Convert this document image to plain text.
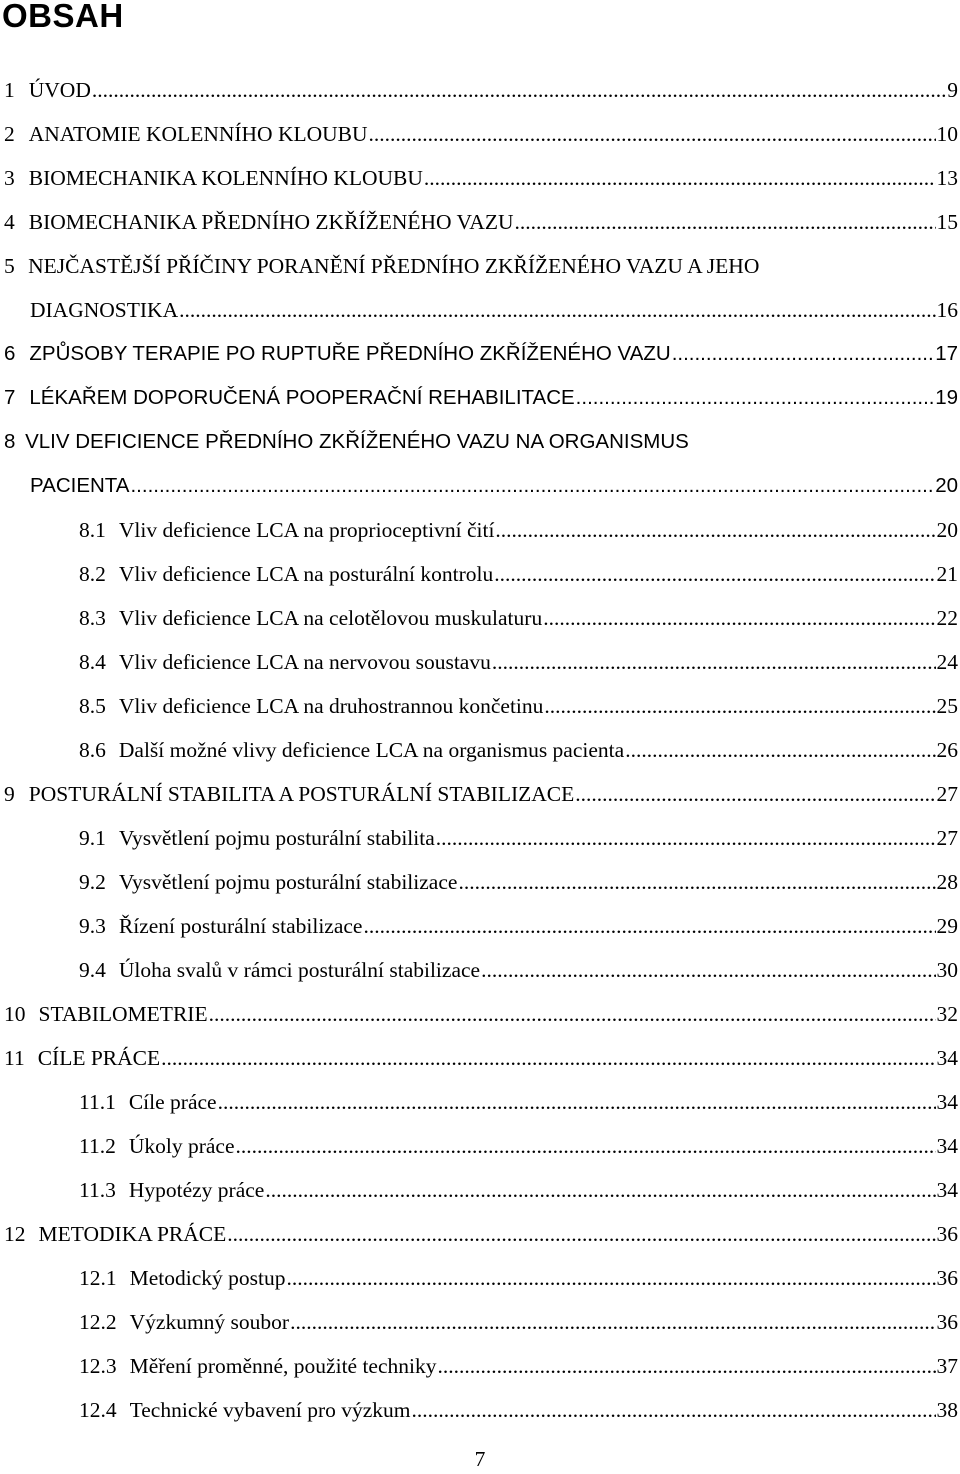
OBSAH
1 ÚVOD .....	9
2 ANATOMIE KOLENNÍHO KLOUBU .....	10
3 BIOMECHANIKA KOLENNÍHO KLOUBU .....	13
4 BIOMECHANIKA PŘEDNÍHO ZKŘÍŽENÉHO VAZU .....	15
5 NEJČASTĚJŠÍ PŘÍČINY PORANĚNÍ PŘEDNÍHO ZKŘÍŽENÉHO VAZU A JEHO
DIAGNOSTIKA .....	16
6 ZPŮSOBY TERAPIE PO RUPTUŘE PŘEDNÍHO ZKŘÍŽENÉHO VAZU .....	17
7 LÉKAŘEM DOPORUČENÁ POOPERAČNÍ REHABILITACE .....	19
8 VLIV DEFICIENCE PŘEDNÍHO ZKŘÍŽENÉHO VAZU NA ORGANISMUS
PACIENTA .....	20
8.1 Vliv deficience LCA na proprioceptivní čití .....	20
8.2 Vliv deficience LCA na posturální kontrolu .....	21
8.3 Vliv deficience LCA na celotělovou muskulaturu .....	22
8.4 Vliv deficience LCA na nervovou soustavu .....	24
8.5 Vliv deficience LCA na druhostrannou končetinu .....	25
8.6 Další možné vlivy deficience LCA na organismus pacienta .....	26
9 POSTURÁLNÍ STABILITA A POSTURÁLNÍ STABILIZACE .....	27
9.1 Vysvětlení pojmu posturální stabilita .....	27
9.2 Vysvětlení pojmu posturální stabilizace .....	28
9.3 Řízení posturální stabilizace .....	29
9.4 Úloha svalů v rámci posturální stabilizace .....	30
10 STABILOMETRIE .....	32
11 CÍLE PRÁCE .....	34
11.1 Cíle práce .....	34
11.2 Úkoly práce .....	34
11.3 Hypotézy práce .....	34
12 METODIKA PRÁCE .....	36
12.1 Metodický postup .....	36
12.2 Výzkumný soubor .....	36
12.3 Měření proměnné, použité techniky .....	37
12.4 Technické vybavení pro výzkum .....	38
7
